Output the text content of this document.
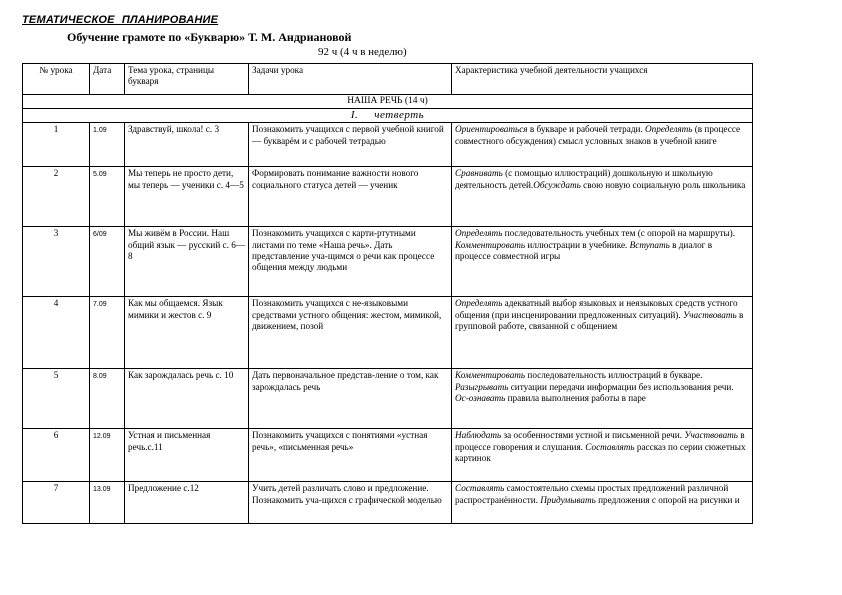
ТЕМАТИЧЕСКОЕ ПЛАНИРОВАНИЕ

Обучение грамоте по «Букварю» Т. М. Андриановой

92 ч (4 ч в неделю)

№ урока	Дата	Тема урока, страницы букваря	Задачи урока	Характеристика учебной деятельности учащихся
НАША РЕЧЬ (14 ч)				
I. четверть				
1	1.09	Здравствуй, школа! с. 3	Познакомить учащихся с первой учебной книгой — букварём и с рабочей тетрадью	Ориентироваться в букваре и рабочей тетради. Определять (в процессе совместного обсуждения) смысл условных знаков в учебной книге
2	5.09	Мы теперь не просто дети, мы теперь — ученики с. 4—5	Формировать понимание важности нового социального статуса детей — ученик	Сравнивать (с помощью иллюстраций) дошкольную и школьную деятельность детей.Обсуждать свою новую социальную роль школьника
3	6/09	Мы живём в России. Наш общий язык — русский с. 6—8	Познакомить учащихся с карти-ртутными листами по теме «Наша речь». Дать представление уча-щимся о речи как процессе общения между людьми	Определять последовательность учебных тем (с опорой на маршруты). Комментировать иллюстрации в учебнике. Вступать в диалог в процессе совместной игры
4	7.09	Как мы общаемся. Язык мимики и жестов с. 9	Познакомить учащихся с не-языковыми средствами устного общения: жестом, мимикой, движением, позой	Определять адекватный выбор языковых и неязыковых средств устного общения (при инсценировании предложенных ситуаций). Участвовать в групповой работе, связанной с общением
5	8.09	Как зарождалась речь с. 10	Дать первоначальное представ-ление о том, как зарождалась речь	Комментировать последовательность иллюстраций в букваре. Разыгрывать ситуации передачи информации без использования речи. Ос-ознавать правила выполнения работы в паре
6	12.09	Устная и письменная речь.с.11	Познакомить учащихся с понятиями «устная речь», «письменная речь»	Наблюдать за особенностями устной и письменной речи. Участвовать в процессе говорения и слушания. Составлять рассказ по серии сюжетных картинок
7	13.09	Предложение с.12	Учить детей различать слово и предложение. Познакомить уча-щихся с графической моделью	Составлять самостоятельно схемы простых предложений различной распространённости. Придумывать предложения с опорой на рисунки и
